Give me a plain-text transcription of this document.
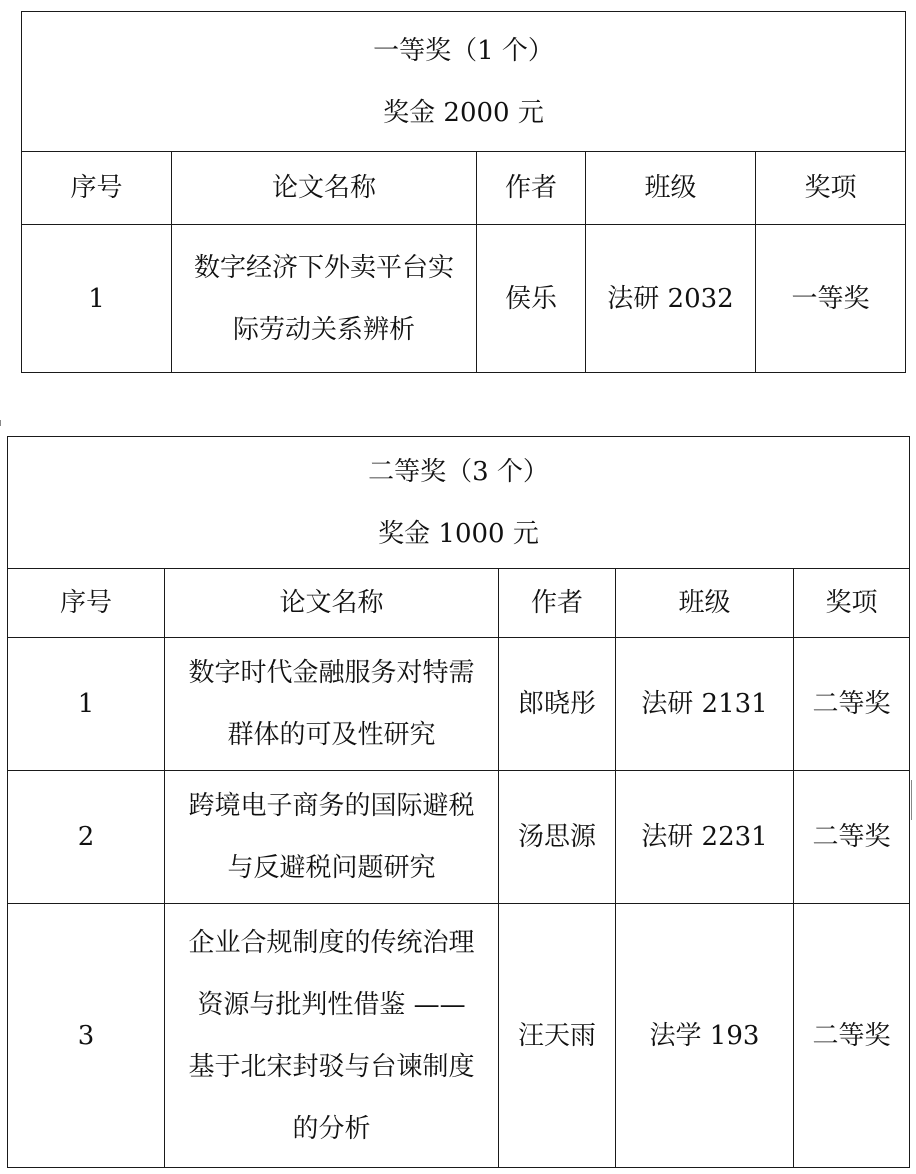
一等奖（1 个）
奖金 2000 元				

序号	论文名称	作者	班级	奖项
1	数字经济下外卖平台实
际劳动关系辨析	侯乐	法研 2032	一等奖
二等奖（3 个）
奖金 1000 元				

序号	论文名称	作者	班级	奖项
1	数字时代金融服务对特需
群体的可及性研究	郎晓彤	法研 2131	二等奖
2	跨境电子商务的国际避税
与反避税问题研究	汤思源	法研 2231	二等奖
3	企业合规制度的传统治理
资源与批判性借鉴 ——
基于北宋封驳与台谏制度
的分析	汪天雨	法学 193	二等奖
